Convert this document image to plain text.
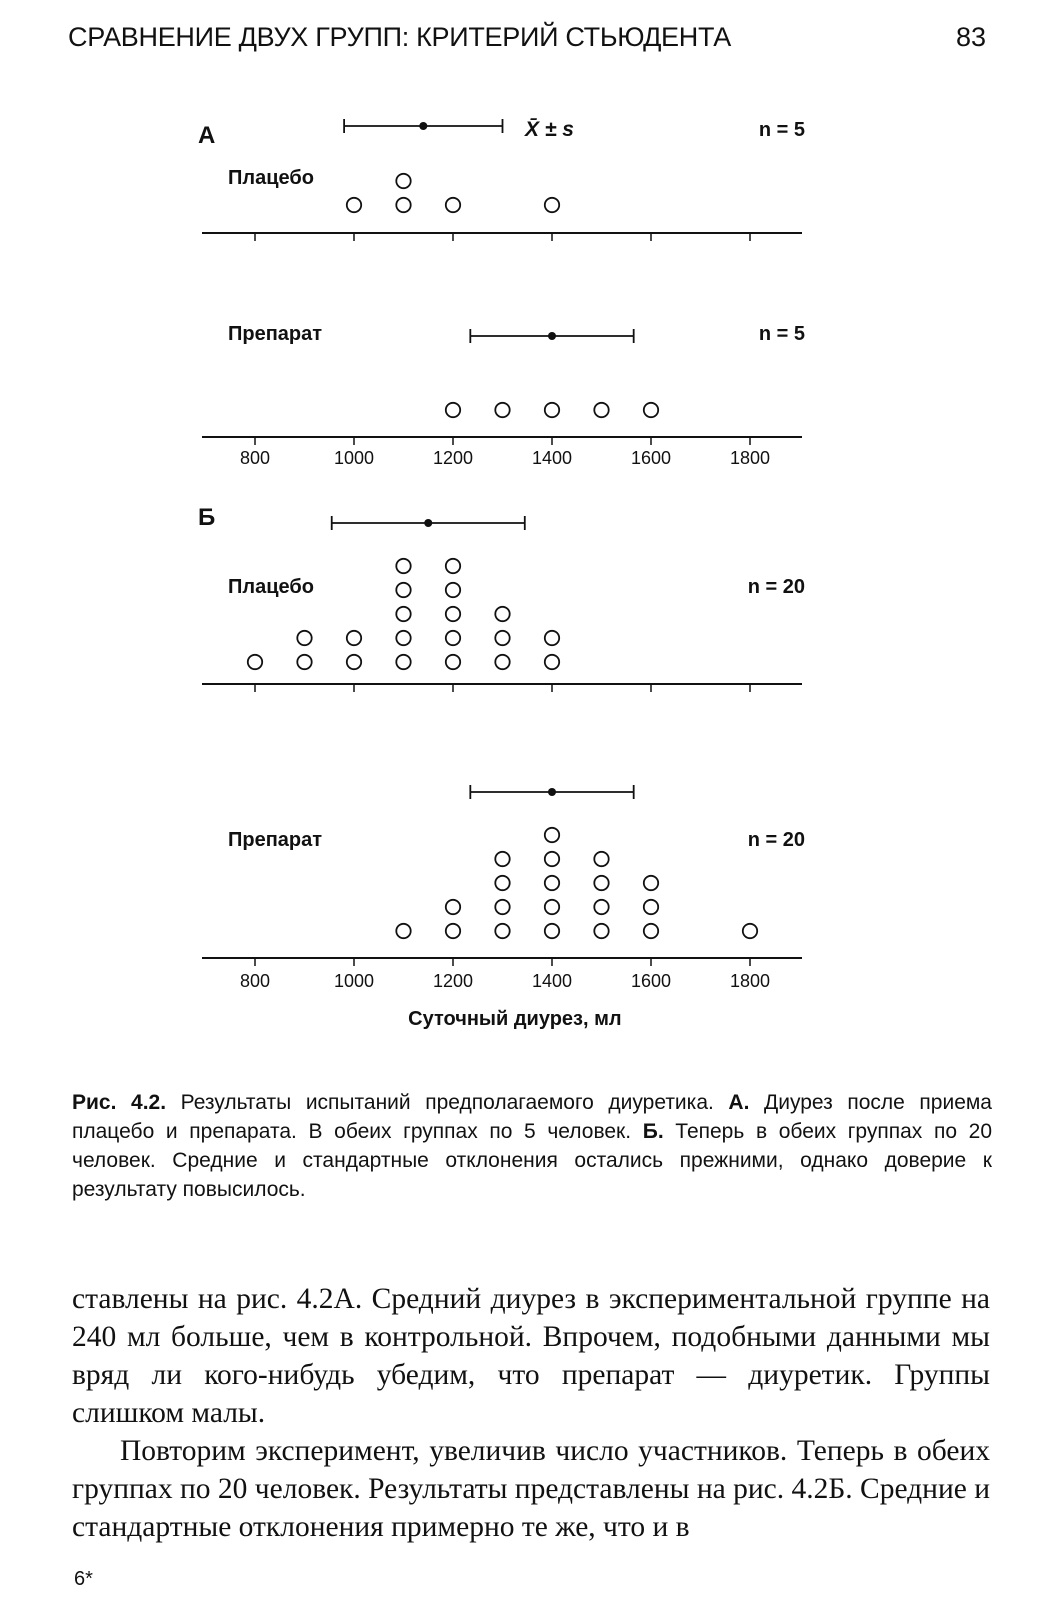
СРАВНЕНИЕ ДВУХ ГРУПП: КРИТЕРИЙ СТЬЮДЕНТА	83
А
Плацебо
n = 5
Препарат	n = 5
800	1000	1200	1400	1600	1800
X̄ ± s
Б
Плацебо	n = 20
Препарат	n = 20
800	1000	1200	1400	1600	1800
Суточный диурез, мл

Рис. 4.2. Результаты испытаний предполагаемого диуретика. А. Диурез после приема плацебо и препарата. В обеих группах по 5 человек. Б. Теперь в обеих группах по 20 человек. Средние и стандартные отклонения остались прежними, однако доверие к результату повысилось.

ставлены на рис. 4.2А. Средний диурез в экспериментальной группе на 240 мл больше, чем в контрольной. Впрочем, подобными данными мы вряд ли кого-нибудь убедим, что препарат — диуретик. Группы слишком малы.

Повторим эксперимент, увеличив число участников. Теперь в обеих группах по 20 человек. Результаты представлены на рис. 4.2Б. Средние и стандартные отклонения примерно те же, что и в

6*
